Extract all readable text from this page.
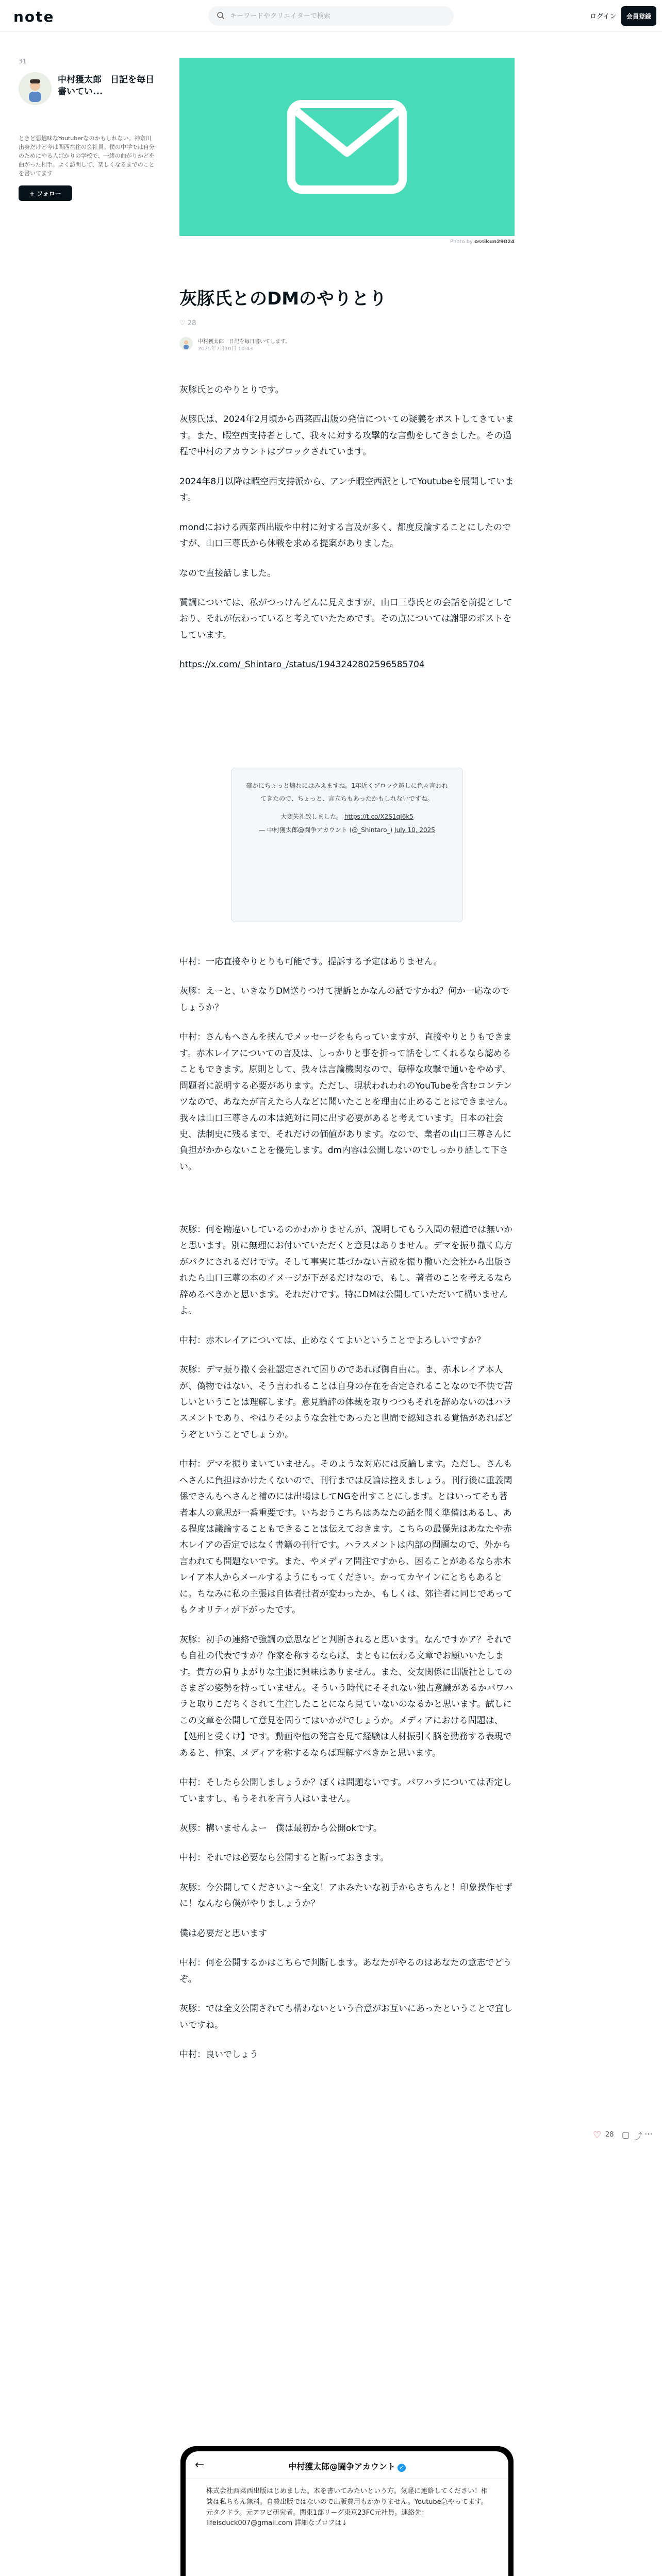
note
キーワードやクリエイターで検索	ログイン	会員登録
31
中村獲太郎　日記を毎日書いてい...
ときど悪趣味なYoutuberなのかもしれない。神奈川出身だけど今は関西在住の会社員。僕の中学では自分のためにやる人ばかりの学校で、一緒の曲がりかどを曲がった相手。よく訪問して、楽しくなるまでのことを書いてます
+ フォロー
Photo by ossikun29024
灰豚氏とのDMのやりとり
♡ 28
中村獲太郎　日記を毎日書いてします。
2025年7月10日 10:43

灰豚氏とのやりとりです。

灰豚氏は、2024年2月頃から西菜西出版の発信についての疑義をポストしてきています。また、暇空西支持者として、我々に対する攻撃的な言動をしてきました。その過程で中村のアカウントはブロックされています。

2024年8月以降は暇空西支持派から、アンチ暇空西派としてYoutubeを展開しています。

mondにおける西菜西出版や中村に対する言及が多く、都度反論することにしたのですが、山口三尊氏から休戦を求める提案がありました。

なので直接話しました。

質調については、私がつっけんどんに見えますが、山口三尊氏との会話を前提としており、それが伝わっていると考えていたためです。その点については謝罪のポストをしています。

https://x.com/_Shintaro_/status/1943242802596585704

確かにちょっと煽れにはみえますね。1年近くブロック越しに色々言われてきたので、ちょっと、言立ちもあったかもしれないですね。

大変失礼致しました。 https://t.co/X2S1qI6k5

— 中村獲太郎@闘争アカウント (@_Shintaro_) July 10, 2025

中村：一応直接やりとりも可能です。提訴する予定はありません。

灰豚：えーと、いきなりDM送りつけて提訴とかなんの話ですかね？何か一応なのでしょうか？

中村：さんもへさんを挟んでメッセージをもらっていますが、直接やりとりもできます。赤木レイアについての言及は、しっかりと事を折って話をしてくれるなら認めることもできます。原則として、我々は言論機関なので、毎棒な攻撃で通いをやめず、問題者に説明する必要があります。ただし、現状われわれのYouTubeを含むコンテンツなので、あなたが言えたら人などに聞いたことを理由に止めることはできません。我々は山口三尊さんの本は絶対に同に出す必要があると考えています。日本の社会史、法制史に残るまで、それだけの価値があります。なので、業者の山口三尊さんに負担がかからないことを優先します。dm内容は公開しないのでしっかり話して下さい。

灰豚：何を勘違いしているのかわかりませんが、説明してもう入間の報道では無いかと思います。別に無理にお付いていただくと意見はありません。デマを振り撒く島方がパクにされるだけです。そして事実に基づかない言説を振り撒いた会社から出版されたら山口三尊の本のイメージが下がるだけなので、もし、著者のことを考えるなら辞めるべきかと思います。それだけです。特にDMは公開していただいて構いませんよ。

中村：赤木レイアについては、止めなくてよいということでよろしいですか？

灰豚：デマ振り撒く会社認定されて困りのであれば御自由に。ま、赤木レイア本人が、偽物ではない、そう言われることは自身の存在を否定されることなので不快で苦しいということは理解します。意見論評の体裁を取りつつもそれを辞めないのはハラスメントであり、やはりそのような会社であったと世間で認知される覚悟があればどうぞということでしょうか。

中村：デマを振りまいていません。そのような対応には反論します。ただし、さんもへさんに負担はかけたくないので、刊行までは反論は控えましょう。刊行後に重義関係でさんもへさんと補のには出場はしてNGを出すことにします。とはいってそも著者本人の意思が一番重要です。いちおうこちらはあなたの話を聞く準備はあるし、ある程度は議論することもできることは伝えておきます。こちらの最優先はあなたや赤木レイアの否定ではなく書籍の刊行です。ハラスメントは内部の問題なので、外から言われても問題ないです。また、やメディア問注ですから、困ることがあるなら赤木レイア本人からメールするようにもってください。かってカヤインにとちもあるとに。ちなみに私の主張は自体者批者が変わったか、もしくは、郊往者に同じであってもクオリティが下がったです。

灰豚：初手の連絡で強調の意思などと判断されると思います。なんですかア？それでも自社の代表ですか？作家を称するならば、まともに伝わる文章でお願いいたします。貴方の肩りよがりな主張に興味はありません。また、交友関係に出版社としてのさまざの姿勢を持っていません。そういう時代にそそれない独占意識があるかパワハラと取りこだちくされて生注したことになら見ていないのなるかと思います。試しにこの文章を公開して意見を問うてはいかがでしょうか。メディアにおける問題は、【処刑と受くけ】です。動画や他の発言を見て経験は人材振引く脳を勤務する表現であると、仲案、メディアを称するならば理解すべきかと思います。

中村：そしたら公開しましょうか？ぼくは問題ないです。パワハラについては否定していますし、もうそれを言う人はいません。

灰豚：構いませんよー　僕は最初から公開okです。

中村：それでは必要なら公開すると断っておきます。

灰豚：今公開してくださいよ〜全文！アホみたいな初手からさちんと！印象操作せずに！なんなら僕がやりましょうか？

僕は必要だと思います

中村：何を公開するかはこちらで判断します。あなたがやるのはあなたの意志でどうぞ。

灰豚：では全文公開されても構わないという合意がお互いにあったということで宜しいですね。

中村：良いでしょう

←	中村獲太郎@闘争アカウント ✓
株式会社西菜西出版はじめました。本を書いてみたいという方。気軽に連絡してください！相談は私ちもん無料。自費出版ではないので出版費用もかかりません。Youtube急やってます。元タクドラ。元アワビ研究者。関東1部リーグ東京23FC元社員。連絡先：lifeisduck007@gmail.com 詳細なプロフは↓

♡ 28 ▢ ⤴ ⋯
